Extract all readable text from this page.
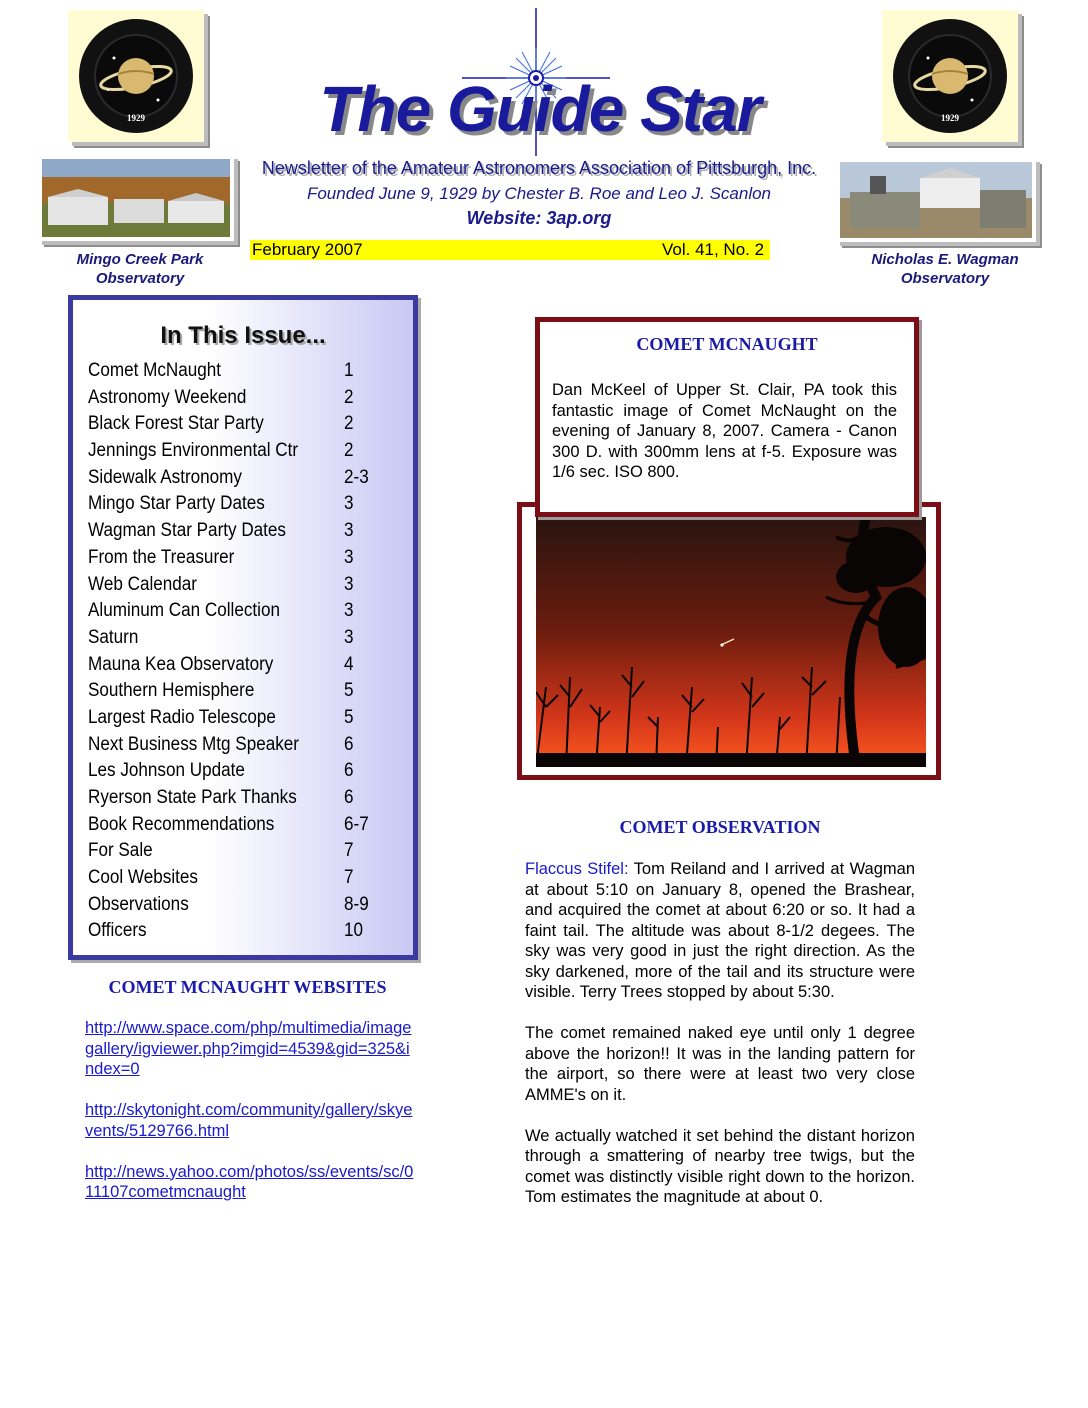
1929	1929
The Guide Star
Mingo Creek Park
Observatory
Nicholas E. Wagman
Observatory
Newsletter of the Amateur Astronomers Association of Pittsburgh, Inc.
Founded June 9, 1929 by Chester B. Roe and Leo J. Scanlon
Website: 3ap.org
February 2007	Vol. 41, No. 2
In This Issue...
Comet McNaught	1
Astronomy Weekend	2
Black Forest Star Party	2
Jennings Environmental Ctr 2
Sidewalk Astronomy	2-3
Mingo Star Party Dates	3
Wagman Star Party Dates	3
From the Treasurer	3
Web Calendar	3
Aluminum Can Collection	3
Saturn	3
Mauna Kea Observatory	4
Southern Hemisphere	5
Largest Radio Telescope	5
Next Business Mtg Speaker 6
Les Johnson Update	6
Ryerson State Park Thanks 6
Book Recommendations	6-7
For Sale	7
Cool Websites	7
Observations	8-9
Officers	10
COMET MCNAUGHT WEBSITES
http://www.space.com/php/multimedia/imagegallery/igviewer.php?imgid=4539&gid=325&index=0
http://skytonight.com/community/gallery/skyevents/5129766.html
http://news.yahoo.com/photos/ss/events/sc/011107cometmcnaught
COMET MCNAUGHT
Dan McKeel of Upper St. Clair, PA took this fantastic image of Comet McNaught on the evening of January 8, 2007. Camera - Canon 300 D. with 300mm lens at f-5. Exposure was 1/6 sec. ISO 800.
COMET OBSERVATION

Flaccus Stifel: Tom Reiland and I arrived at Wagman at about 5:10 on January 8, opened the Brashear, and acquired the comet at about 6:20 or so. It had a faint tail. The altitude was about 8-1/2 degees. The sky was very good in just the right direction. As the sky darkened, more of the tail and its structure were visible. Terry Trees stopped by about 5:30.

The comet remained naked eye until only 1 degree above the horizon!! It was in the landing pattern for the airport, so there were at least two very close AMME's on it.

We actually watched it set behind the distant horizon through a smattering of nearby tree twigs, but the comet was distinctly visible right down to the horizon. Tom estimates the magnitude at about 0.
